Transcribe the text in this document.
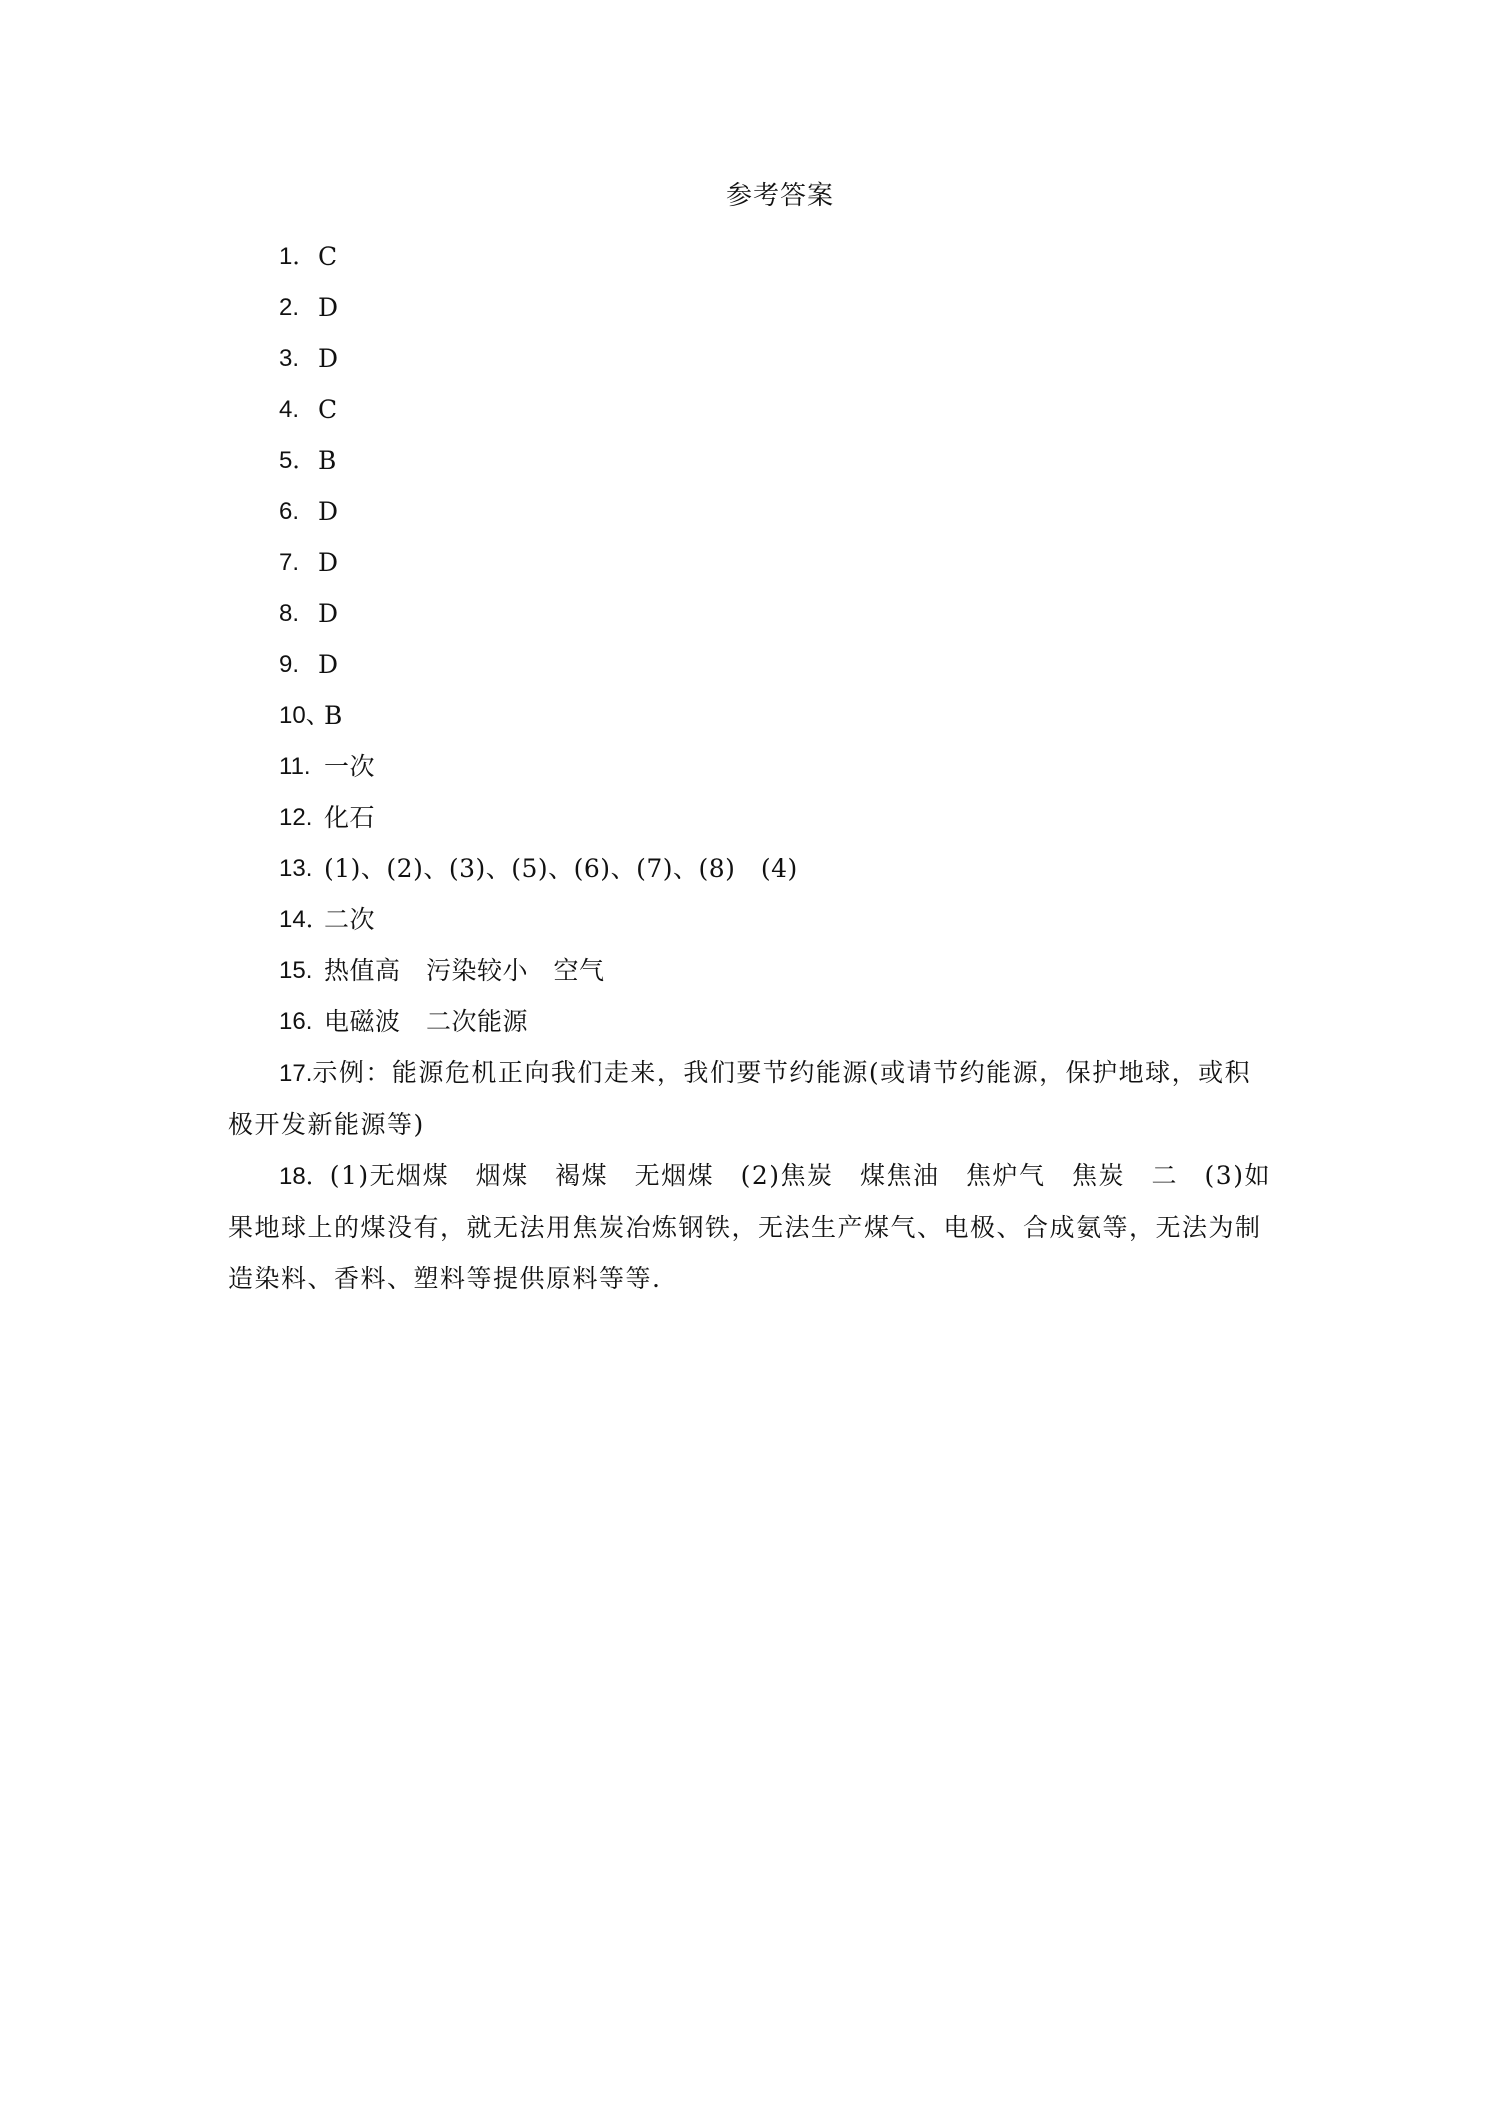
参考答案
1． C
2. D
3. D
4. C
5． B
6. D
7. D
8. D
9. D
10、
B
11. 一次
12. 化石
13. (1)、(2)、(3)、(5)、(6)、(7)、(8)　(4)
14．
二次
15. 热值高　污染较小　空气
16. 电磁波　二次能源
17.示例：能源危机正向我们走来，我们要节约能源(或请节约能源，保护地球，或积极开发新能源等)
18．(1)无烟煤　烟煤　褐煤　无烟煤　(2)焦炭　煤焦油　焦炉气　焦炭　二　(3)如果地球上的煤没有，就无法用焦炭冶炼钢铁，无法生产煤气、电极、合成氨等，无法为制造染料、香料、塑料等提供原料等等.
